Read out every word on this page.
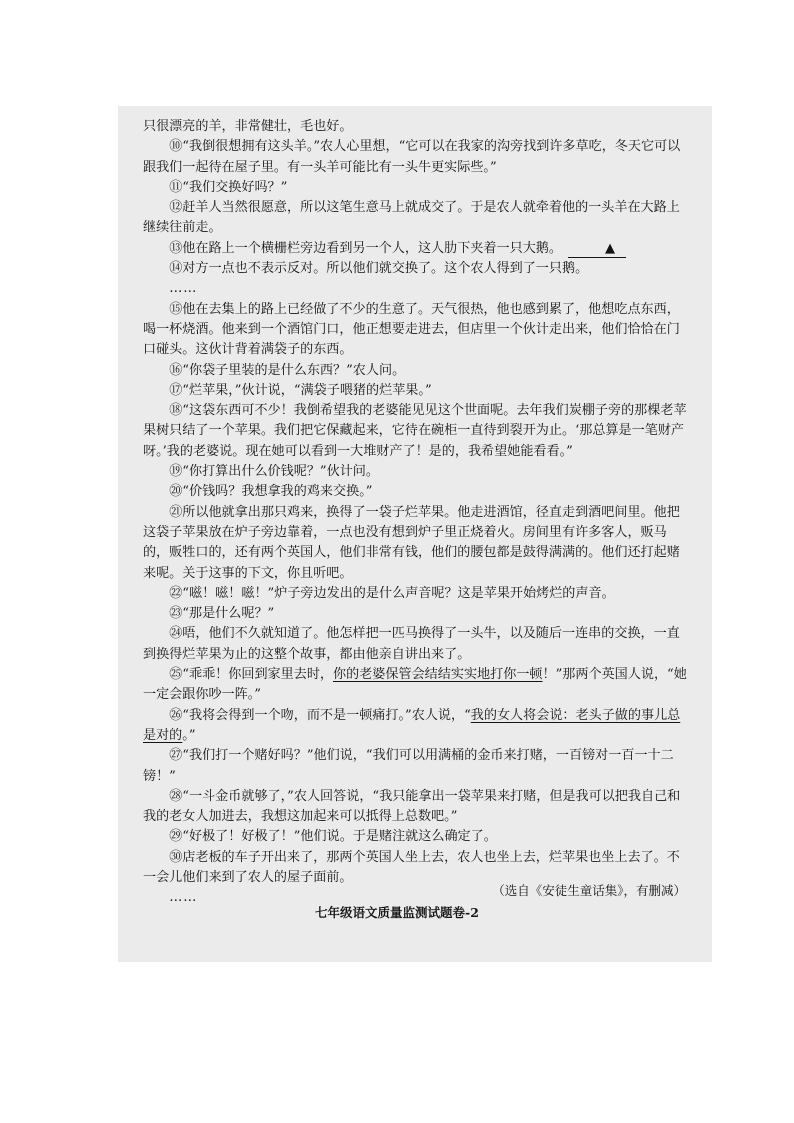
只很漂亮的羊，非常健壮，毛也好。

⑩“我倒很想拥有这头羊。”农人心里想，“它可以在我家的沟旁找到许多草吃，冬天它可以跟我们一起待在屋子里。有一头羊可能比有一头牛更实际些。”

⑪“我们交换好吗？”

⑫赶羊人当然很愿意，所以这笔生意马上就成交了。于是农人就牵着他的一头羊在大路上继续往前走。

⑬他在路上一个横栅栏旁边看到另一个人，这人肋下夹着一只大鹅。	▲

⑭对方一点也不表示反对。所以他们就交换了。这个农人得到了一只鹅。

……

⑮他在去集上的路上已经做了不少的生意了。天气很热，他也感到累了，他想吃点东西，喝一杯烧酒。他来到一个酒馆门口，他正想要走进去，但店里一个伙计走出来，他们恰恰在门口碰头。这伙计背着满袋子的东西。

⑯“你袋子里装的是什么东西？”农人问。

⑰“烂苹果，”伙计说，“满袋子喂猪的烂苹果。”

⑱“这袋东西可不少！我倒希望我的老婆能见见这个世面呢。去年我们炭棚子旁的那棵老苹果树只结了一个苹果。我们把它保藏起来，它待在碗柜一直待到裂开为止。‘那总算是一笔财产呀。’我的老婆说。现在她可以看到一大堆财产了！是的，我希望她能看看。”

⑲“你打算出什么价钱呢？”伙计问。

⑳“价钱吗？我想拿我的鸡来交换。”

㉑所以他就拿出那只鸡来，换得了一袋子烂苹果。他走进酒馆，径直走到酒吧间里。他把这袋子苹果放在炉子旁边靠着，一点也没有想到炉子里正烧着火。房间里有许多客人，贩马的，贩牲口的，还有两个英国人，他们非常有钱，他们的腰包都是鼓得满满的。他们还打起赌来呢。关于这事的下文，你且听吧。

㉒“嗞！嗞！嗞！”炉子旁边发出的是什么声音呢？这是苹果开始烤烂的声音。

㉓“那是什么呢？”

㉔唔，他们不久就知道了。他怎样把一匹马换得了一头牛，以及随后一连串的交换，一直到换得烂苹果为止的这整个故事，都由他亲自讲出来了。

㉕“乖乖！你回到家里去时，你的老婆保管会结结实实地打你一顿！”那两个英国人说，“她一定会跟你吵一阵。”

㉖“我将会得到一个吻，而不是一顿痛打。”农人说，“我的女人将会说：老头子做的事儿总是对的。”

㉗“我们打一个赌好吗？”他们说，“我们可以用满桶的金币来打赌，一百镑对一百一十二镑！”

㉘“一斗金币就够了，”农人回答说，“我只能拿出一袋苹果来打赌，但是我可以把我自己和我的老女人加进去，我想这加起来可以抵得上总数吧。”

㉙“好极了！好极了！”他们说。于是赌注就这么确定了。

㉚店老板的车子开出来了，那两个英国人坐上去，农人也坐上去，烂苹果也坐上去了。不一会儿他们来到了农人的屋子面前。

……	（选自《安徒生童话集》，有删减）
七年级语文质量监测试题卷-2
